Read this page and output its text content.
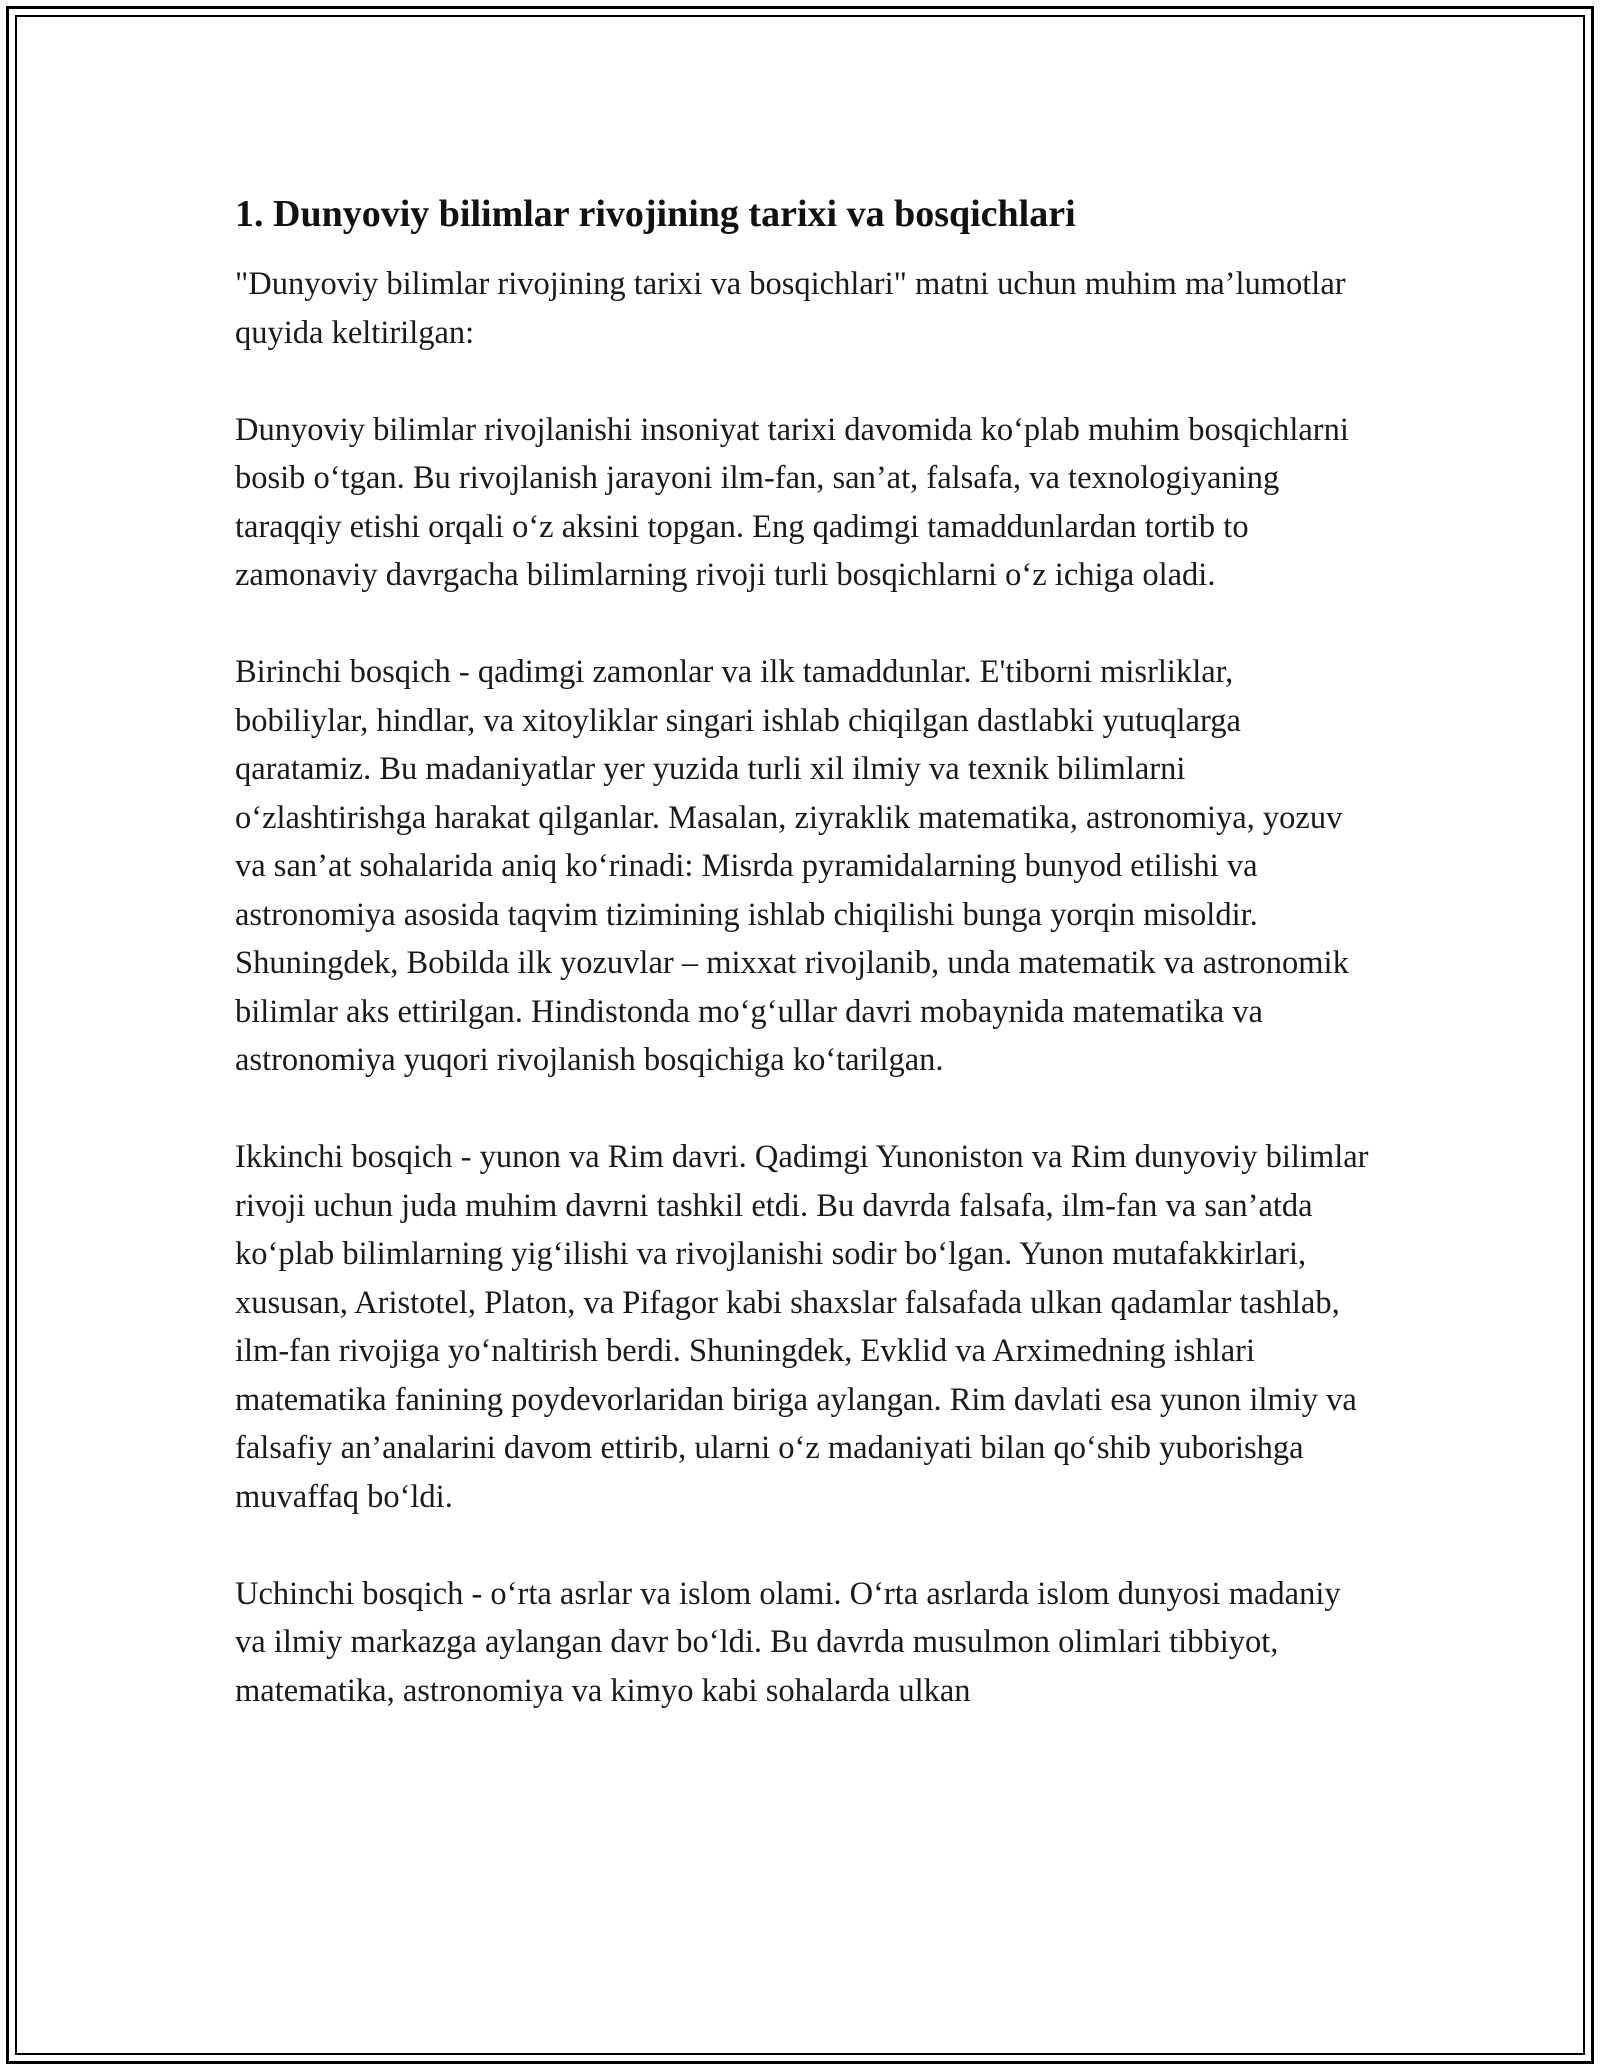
1. Dunyoviy bilimlar rivojining tarixi va bosqichlari

"Dunyoviy bilimlar rivojining tarixi va bosqichlari" matni uchun muhim ma’lumotlar quyida keltirilgan:

Dunyoviy bilimlar rivojlanishi insoniyat tarixi davomida ko‘plab muhim bosqichlarni bosib o‘tgan. Bu rivojlanish jarayoni ilm-fan, san’at, falsafa, va texnologiyaning taraqqiy etishi orqali o‘z aksini topgan. Eng qadimgi tamaddunlardan tortib to zamonaviy davrgacha bilimlarning rivoji turli bosqichlarni o‘z ichiga oladi.

Birinchi bosqich - qadimgi zamonlar va ilk tamaddunlar. E'tiborni misrliklar, bobiliylar, hindlar, va xitoyliklar singari ishlab chiqilgan dastlabki yutuqlarga qaratamiz. Bu madaniyatlar yer yuzida turli xil ilmiy va texnik bilimlarni o‘zlashtirishga harakat qilganlar. Masalan, ziyraklik matematika, astronomiya, yozuv va san’at sohalarida aniq ko‘rinadi: Misrda pyramidalarning bunyod etilishi va astronomiya asosida taqvim tizimining ishlab chiqilishi bunga yorqin misoldir. Shuningdek, Bobilda ilk yozuvlar – mixxat rivojlanib, unda matematik va astronomik bilimlar aks ettirilgan. Hindistonda mo‘g‘ullar davri mobaynida matematika va astronomiya yuqori rivojlanish bosqichiga ko‘tarilgan.

Ikkinchi bosqich - yunon va Rim davri. Qadimgi Yunoniston va Rim dunyoviy bilimlar rivoji uchun juda muhim davrni tashkil etdi. Bu davrda falsafa, ilm-fan va san’atda ko‘plab bilimlarning yig‘ilishi va rivojlanishi sodir bo‘lgan. Yunon mutafakkirlari, xususan, Aristotel, Platon, va Pifagor kabi shaxslar falsafada ulkan qadamlar tashlab, ilm-fan rivojiga yo‘naltirish berdi. Shuningdek, Evklid va Arximedning ishlari matematika fanining poydevorlaridan biriga aylangan. Rim davlati esa yunon ilmiy va falsafiy an’analarini davom ettirib, ularni o‘z madaniyati bilan qo‘shib yuborishga muvaffaq bo‘ldi.

Uchinchi bosqich - o‘rta asrlar va islom olami. O‘rta asrlarda islom dunyosi madaniy va ilmiy markazga aylangan davr bo‘ldi. Bu davrda musulmon olimlari tibbiyot, matematika, astronomiya va kimyo kabi sohalarda ulkan
